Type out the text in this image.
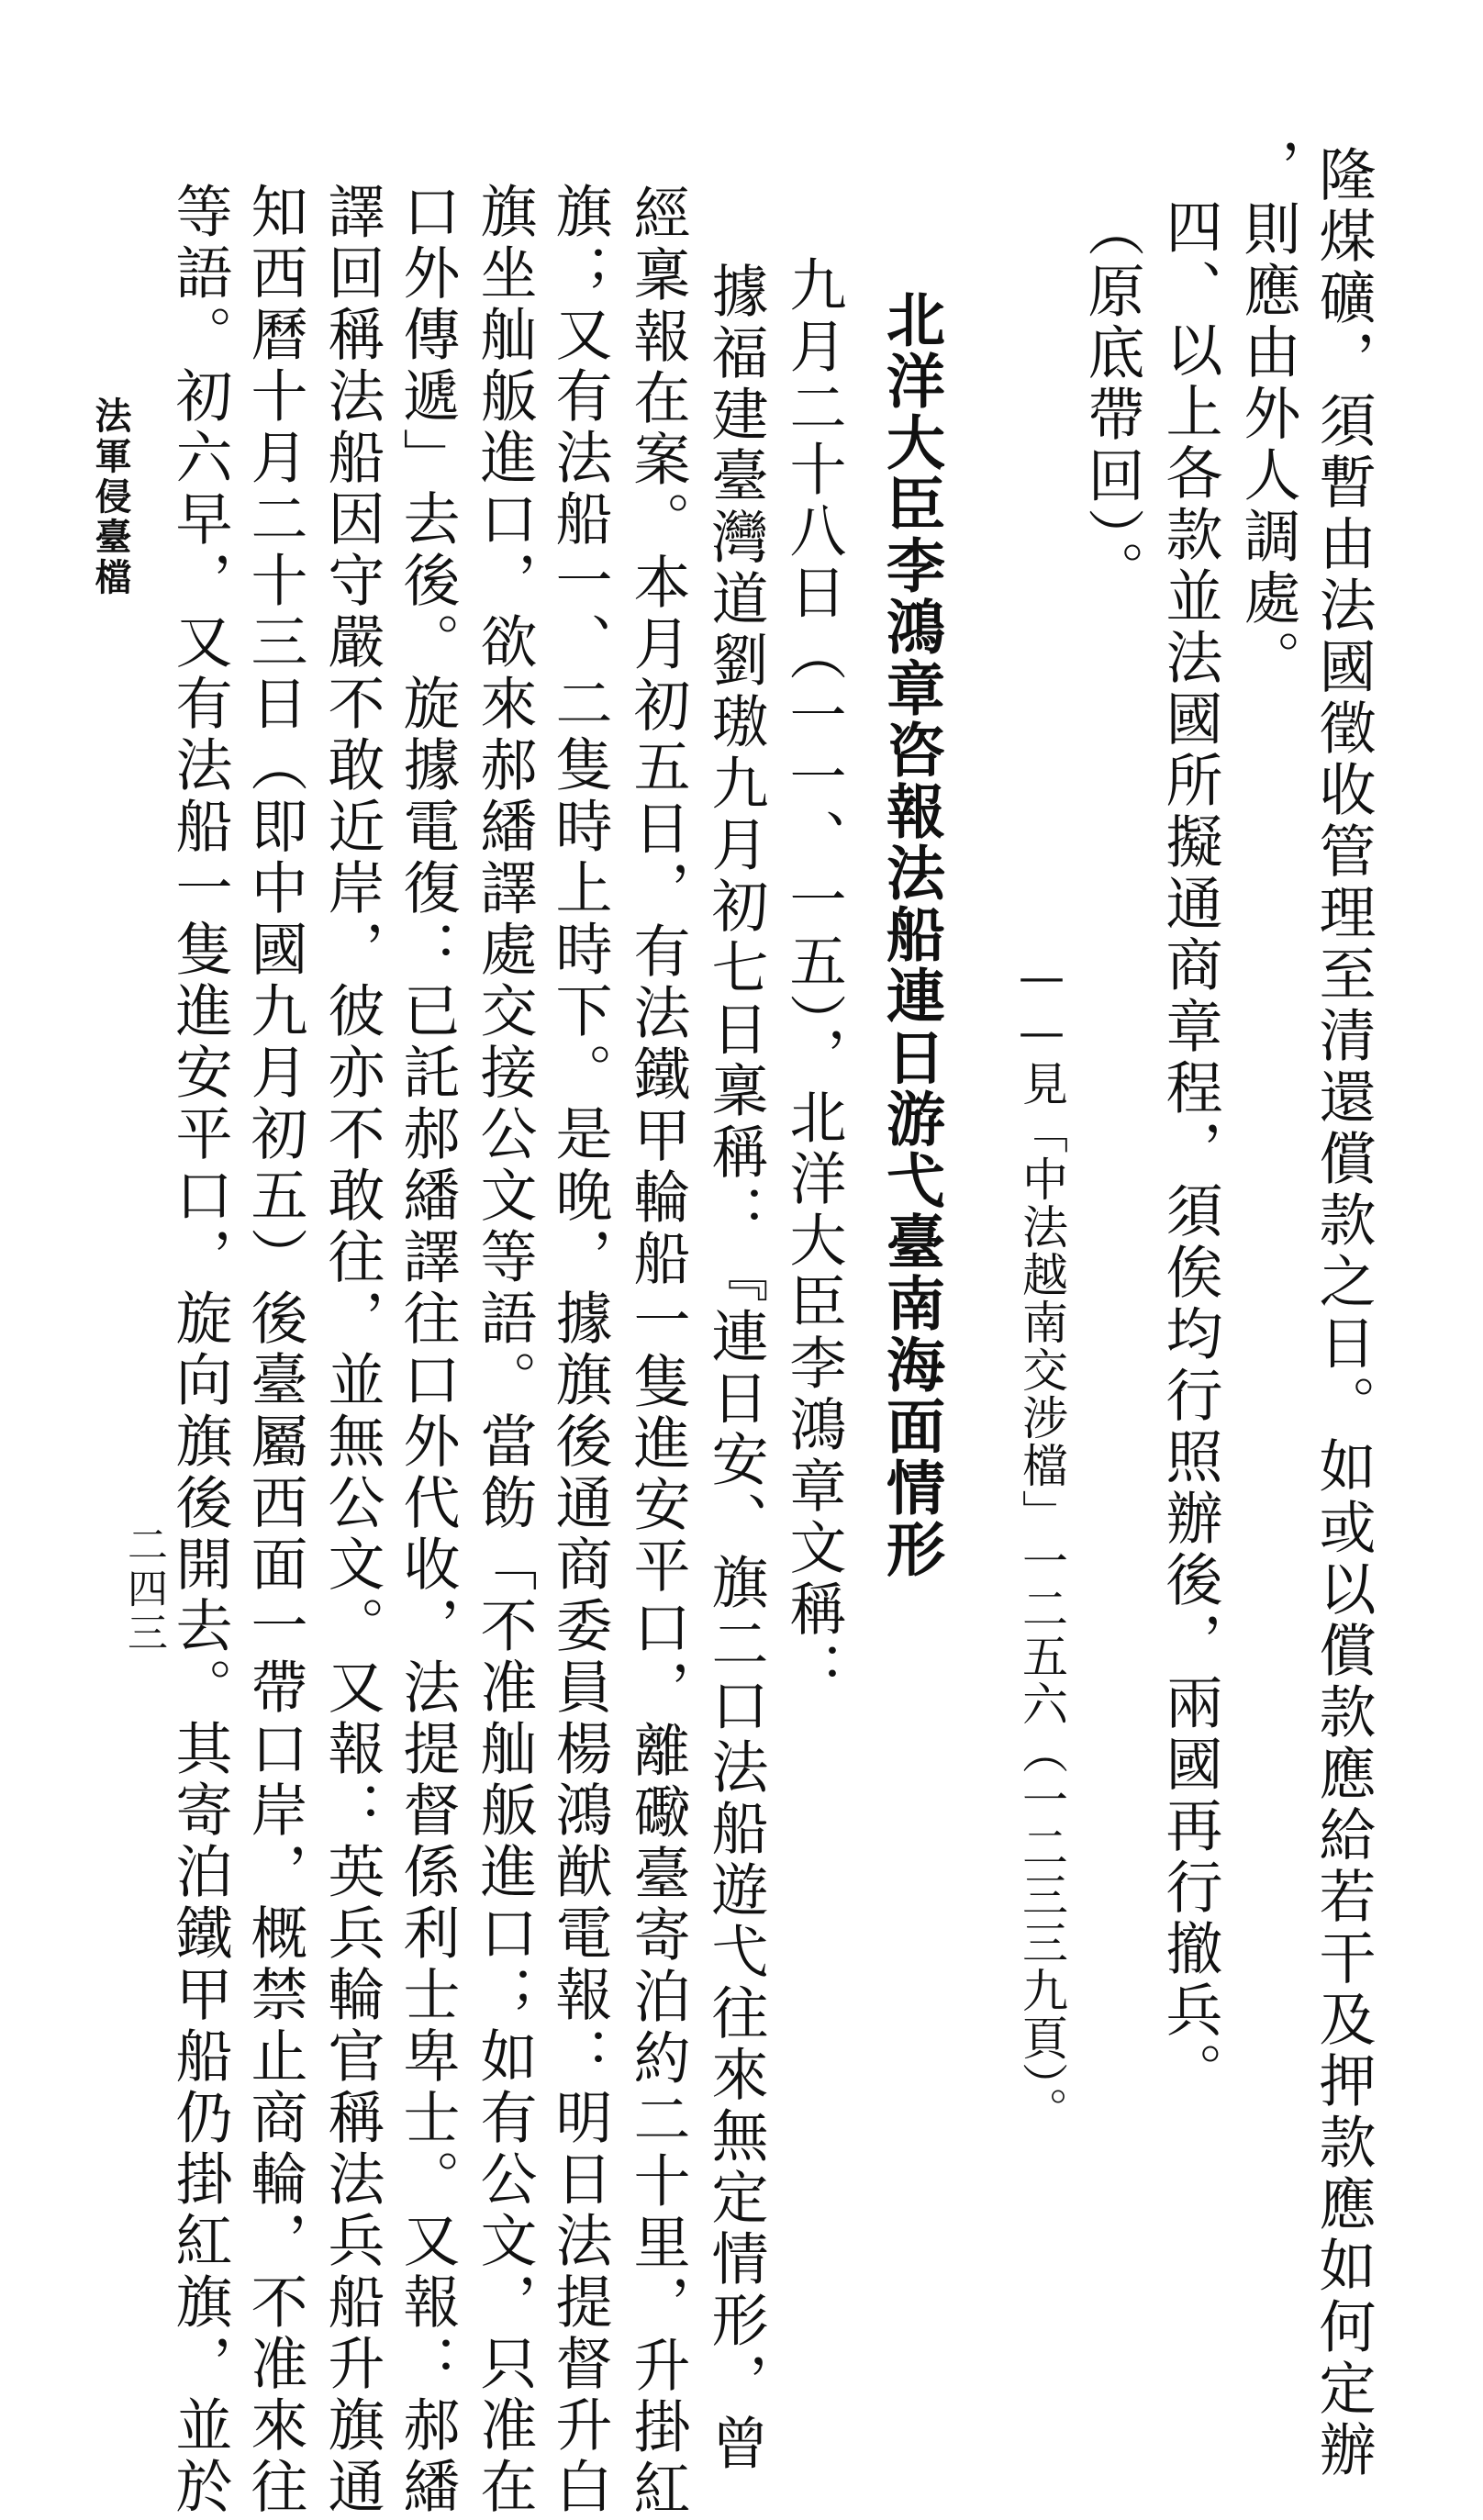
隆煤礦，須暫由法國徵收管理至清還償款之日。如或以償款應給若干及押款應如何定辦
，則應由外人調處。
四、以上各款並法國所擬通商章程，須俟均行照辦後，兩國再行撤兵。
（原底帶回）。
——見「中法越南交涉檔」一二五六（一二三三九頁）。
北洋大臣李鴻章咨報法船連日游弋臺南海面情形
九月二十八日（一一、一五），北洋大臣李鴻章文稱：
據福建臺灣道劉璈九月初七日稟稱：『連日安、旗二口法船遊弋往來無定情形，曾
經稟報在案。本月初五日，有法鐵甲輪船一隻進安平口，離礮臺寄泊約二十里，升掛紅
旗；又有法船一、二隻時上時下。是晚，據旗後通商委員楊鴻猷電報：明日法提督升白
旗坐舢舨進口，欲來郝繙譯處交接公文等語。當飭「不准舢舨進口；如有公文，只准在
口外傳遞」去後。旋據電復：已託郝繙譯往口外代收，法提督係利士卑士。又報：郝繙
譯回稱法船因守嚴不敢近岸，彼亦不敢往，並無公文。又報：英兵輪官稱法兵船升旗通
知西曆十月二十三日（即中國九月初五）後臺屬西面一帶口岸，概禁止商輪，不准來往
等語。初六早，又有法船一隻進安平口，旋向旗後開去。其寄泊鐵甲船仍掛紅旗，並於
法軍侵臺檔
二四三
